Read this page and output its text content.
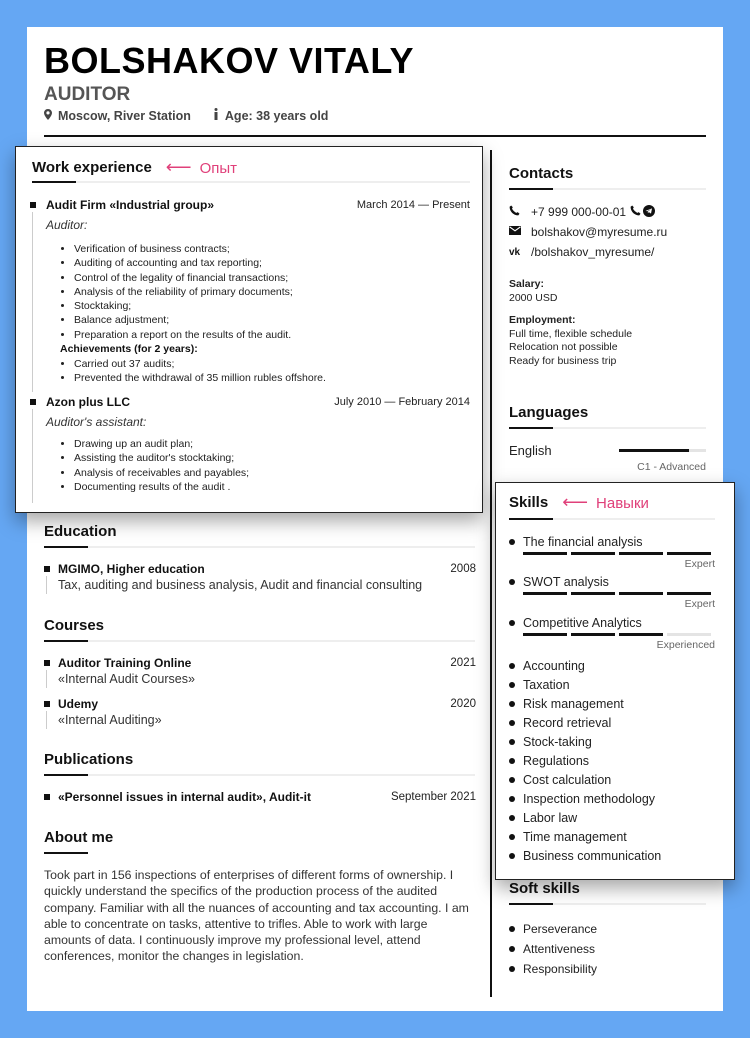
BOLSHAKOV VITALY
AUDITOR
Moscow, River Station	Age: 38 years old
Education
MGIMO, Higher education	2008
Tax, auditing and business analysis, Audit and financial consulting
Courses
Auditor Training Online	2021
«Internal Audit Courses»
Udemy	2020
«Internal Auditing»
Publications
«Personnel issues in internal audit», Audit-it	September 2021
About me
Took part in 156 inspections of enterprises of different forms of ownership. I quickly understand the specifics of the production process of the audited company. Familiar with all the nuances of accounting and tax accounting. I am able to concentrate on tasks, attentive to trifles. Able to work with large amounts of data. I continuously improve my professional level, attend conferences, monitor the changes in legislation.
Contacts
+7 999 000-00-01
bolshakov@myresume.ru
vk /bolshakov_myresume/
Salary:
2000 USD
Employment:
Full time, flexible schedule
Relocation not possible
Ready for business trip
Languages
English
C1 - Advanced
Soft skills
Perseverance
Attentiveness
Responsibility
Work experience ⟵ Опыт
Audit Firm «Industrial group»	March 2014 — Present
Auditor:
• Verification of business contracts;
• Auditing of accounting and tax reporting;
• Control of the legality of financial transactions;
• Analysis of the reliability of primary documents;
• Stocktaking;
• Balance adjustment;
• Preparation a report on the results of the audit.
Achievements (for 2 years):
• Carried out 37 audits;
• Prevented the withdrawal of 35 million rubles offshore.
Azon plus LLC	July 2010 — February 2014
Auditor's assistant:
• Drawing up an audit plan;
• Assisting the auditor's stocktaking;
• Analysis of receivables and payables;
• Documenting results of the audit .
Skills ⟵ Навыки
The financial analysis
Expert
SWOT analysis
Expert
Competitive Analytics
Experienced
Accounting
Taxation
Risk management
Record retrieval
Stock-taking
Regulations
Cost calculation
Inspection methodology
Labor law
Time management
Business communication
